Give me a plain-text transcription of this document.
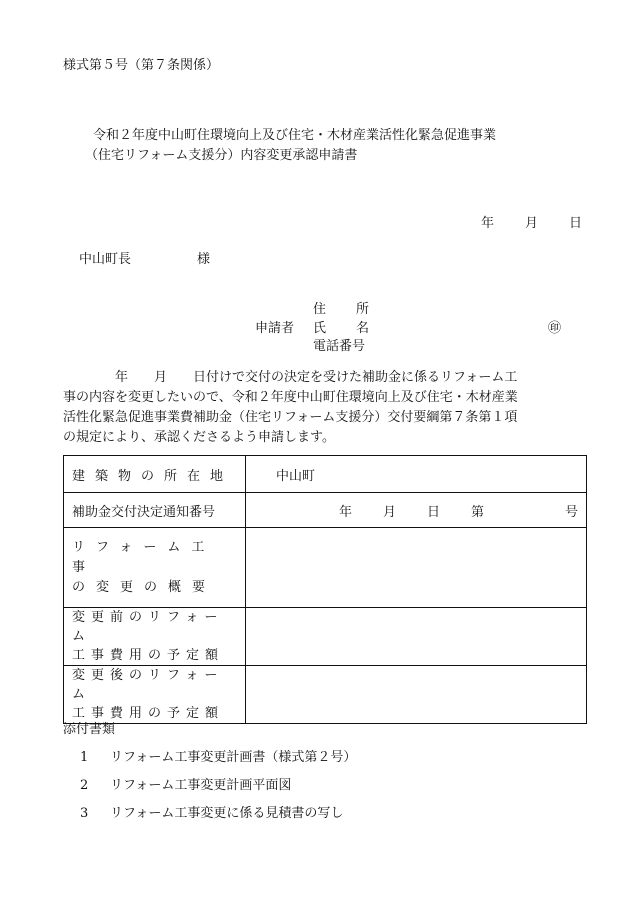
様式第５号（第７条関係）
令和２年度中山町住環境向上及び住宅・木材産業活性化緊急促進事業
（住宅リフォーム支援分）内容変更承認申請書
年 月 日
中山町長	様
住 所
申請者 氏 名	㊞
電話番号

　　　　年　　月　　日付けで交付の決定を受けた補助金に係るリフォーム工

事の内容を変更したいので、令和２年度中山町住環境向上及び住宅・木材産業

活性化緊急促進事業費補助金（住宅リフォーム支援分）交付要綱第７条第１項

の規定により、承認くださるよう申請します。

建築物の所在地	中山町
補助金交付決定通知番号	年 月 日 第 号

リフォーム工事
の変更の概要	

変更前のリフォーム
工事費用の予定額	

変更後のリフォーム
工事費用の予定額	

添付書類
1 リフォーム工事変更計画書（様式第２号）
2 リフォーム工事変更計画平面図
3 リフォーム工事変更に係る見積書の写し
